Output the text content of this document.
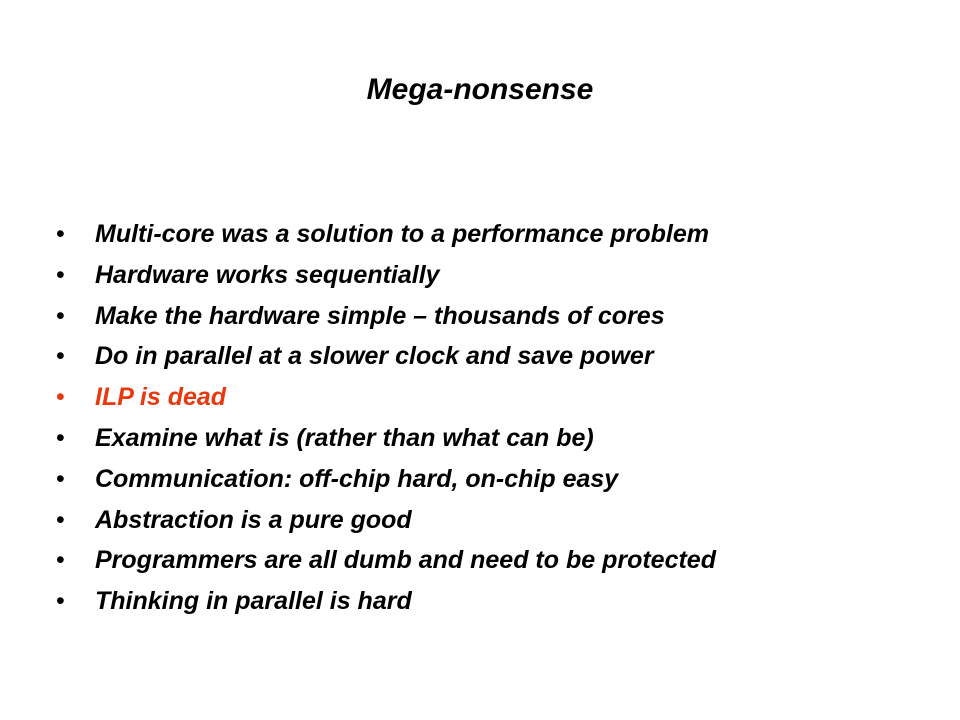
Mega-nonsense
• Multi-core was a solution to a performance problem
• Hardware works sequentially
• Make the hardware simple – thousands of cores
• Do in parallel at a slower clock and save power
• ILP is dead
• Examine what is (rather than what can be)
• Communication: off-chip hard, on-chip easy
• Abstraction is a pure good
• Programmers are all dumb and need to be protected
• Thinking in parallel is hard
